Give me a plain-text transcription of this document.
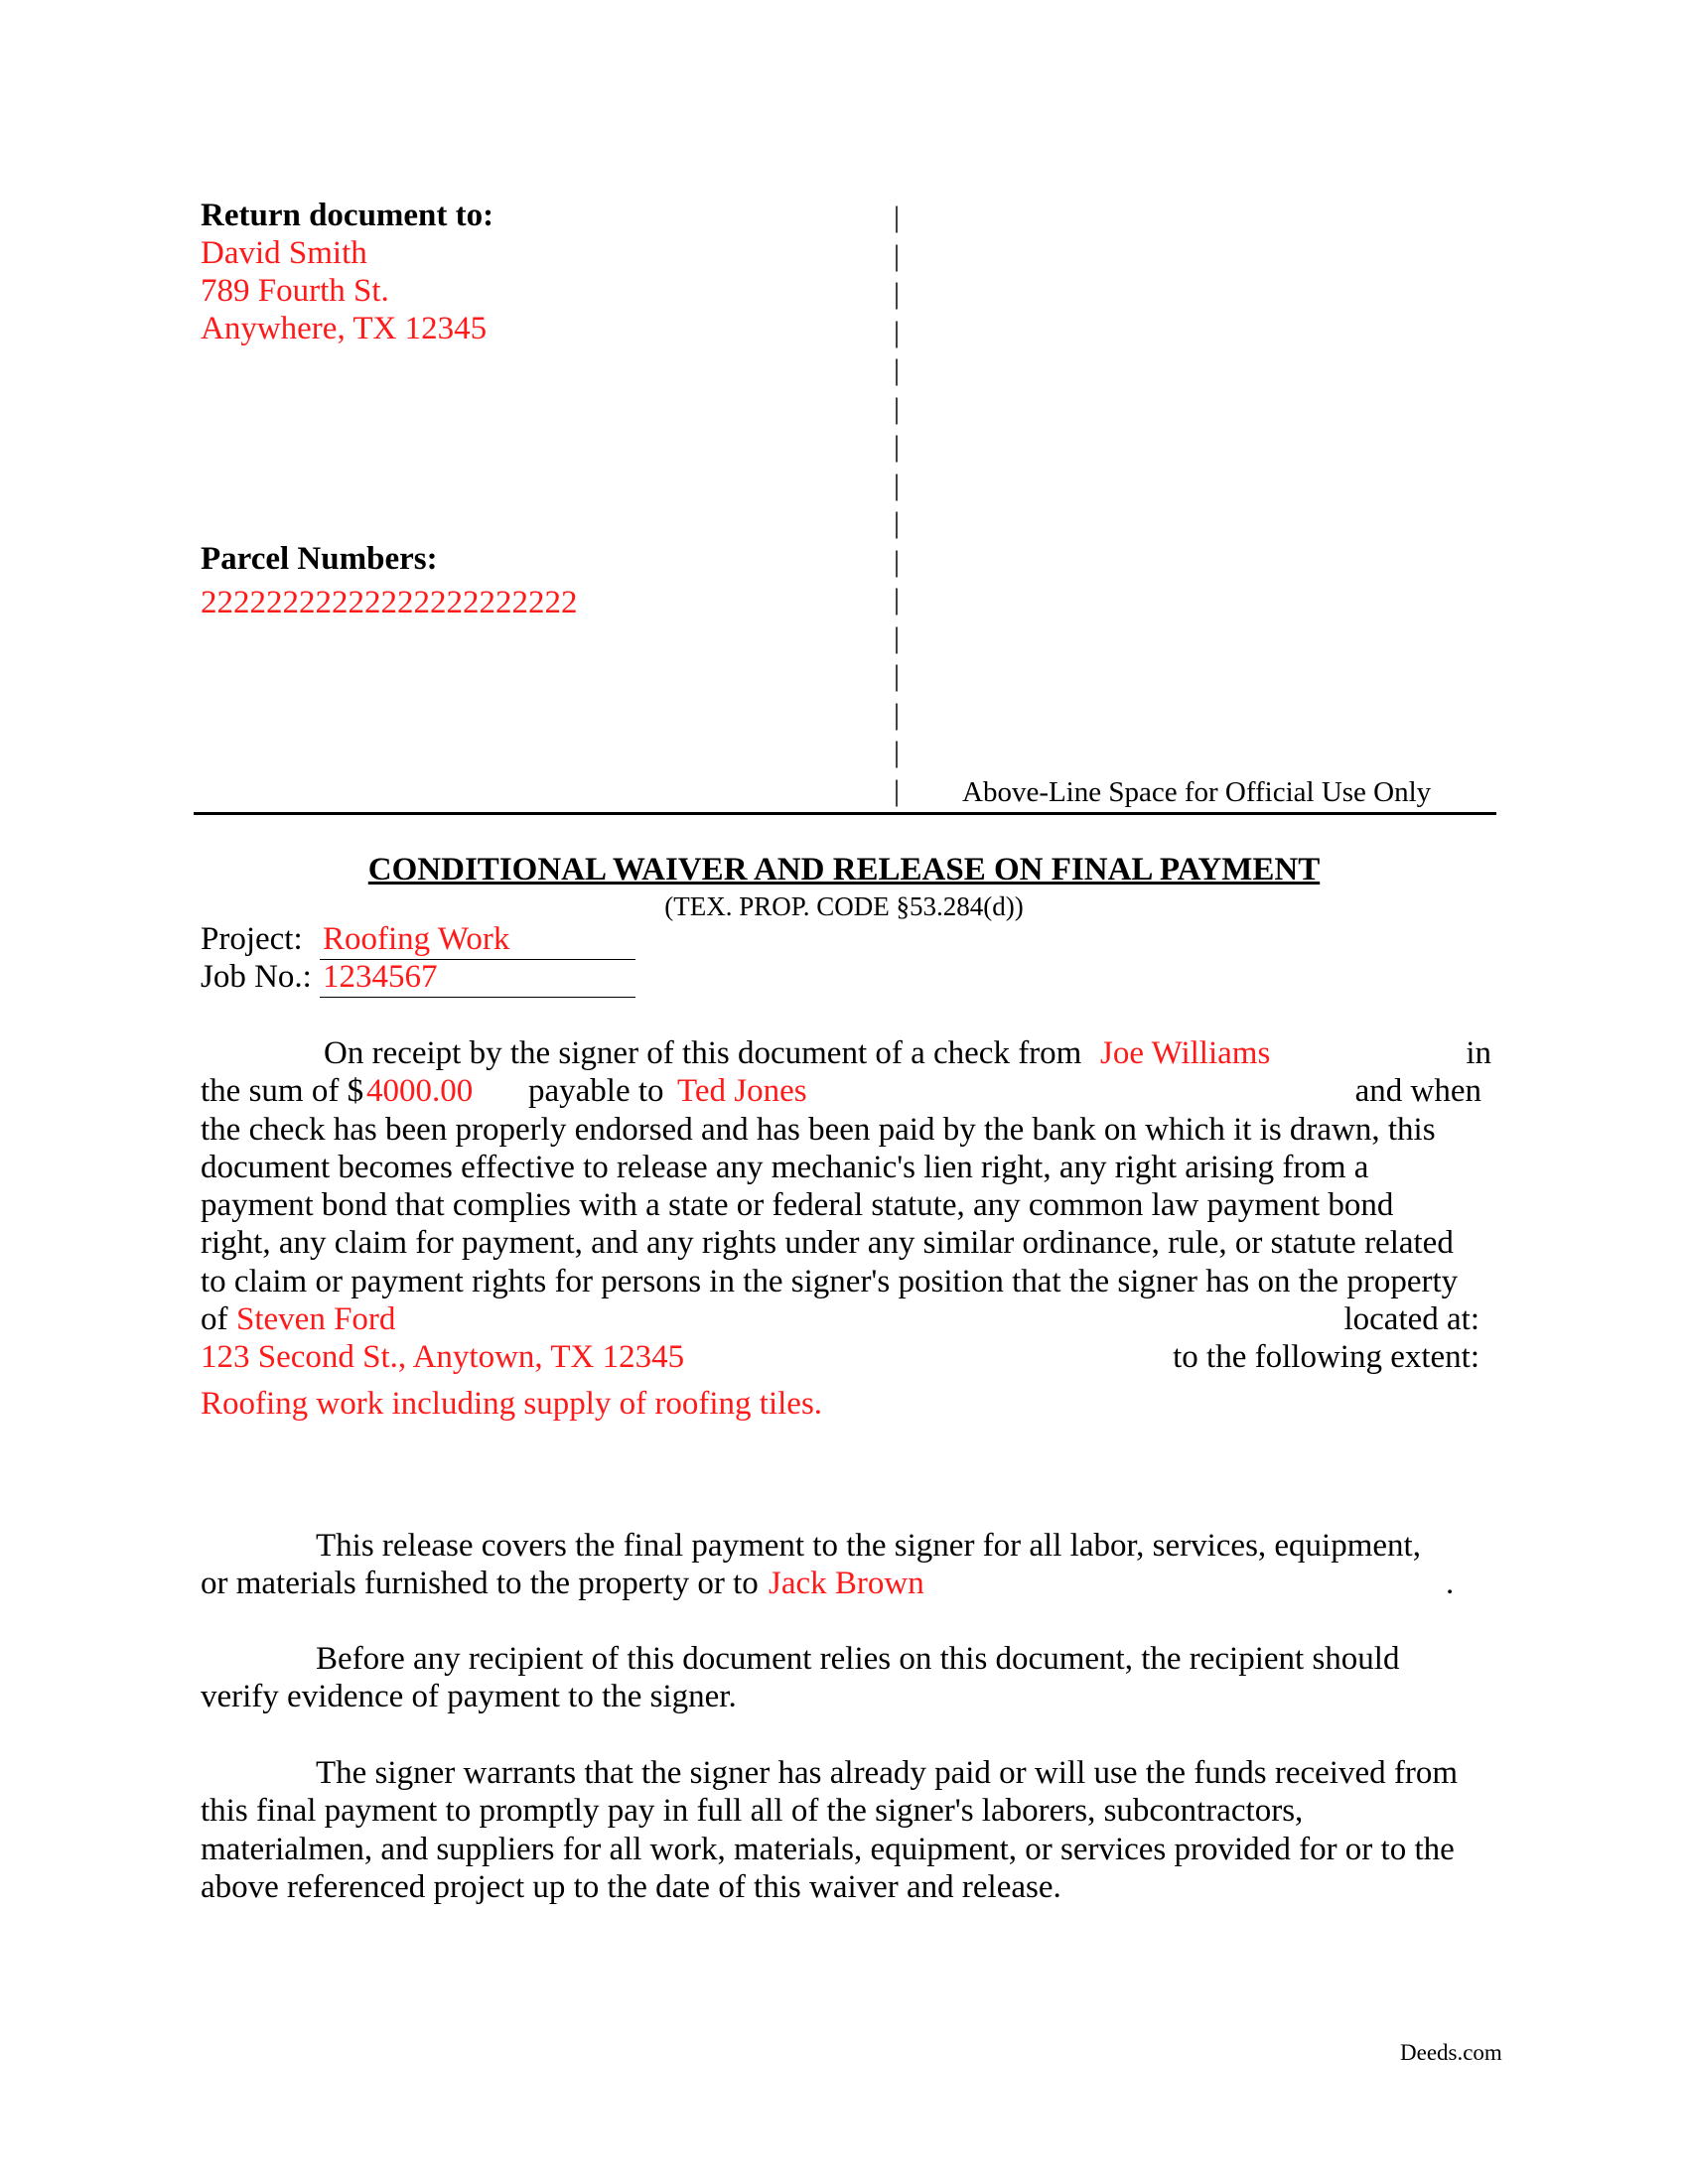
Return document to:
David Smith
789 Fourth St.
Anywhere, TX 12345
Parcel Numbers:
22222222222222222222222
|
|
|
|
|
|
|
|
|
|
|
|
|
|
|
| Above-Line Space for Official Use Only
CONDITIONAL WAIVER AND RELEASE ON FINAL PAYMENT
(TEX. PROP. CODE §53.284(d))
Project: Roofing Work
Job No.: 1234567
On receipt by the signer of this document of a check from Joe Williams	in
the sum of $ 4000.00 payable to Ted Jones	and when
the check has been properly endorsed and has been paid by the bank on which it is drawn, this
document becomes effective to release any mechanic's lien right, any right arising from a
payment bond that complies with a state or federal statute, any common law payment bond
right, any claim for payment, and any rights under any similar ordinance, rule, or statute related
to claim or payment rights for persons in the signer's position that the signer has on the property
of Steven Ford	located at:
123 Second St., Anytown, TX 12345	to the following extent:
Roofing work including supply of roofing tiles.
This release covers the final payment to the signer for all labor, services, equipment,
or materials furnished to the property or to Jack Brown	.
Before any recipient of this document relies on this document, the recipient should
verify evidence of payment to the signer.
The signer warrants that the signer has already paid or will use the funds received from
this final payment to promptly pay in full all of the signer's laborers, subcontractors,
materialmen, and suppliers for all work, materials, equipment, or services provided for or to the
above referenced project up to the date of this waiver and release.
Deeds.com
